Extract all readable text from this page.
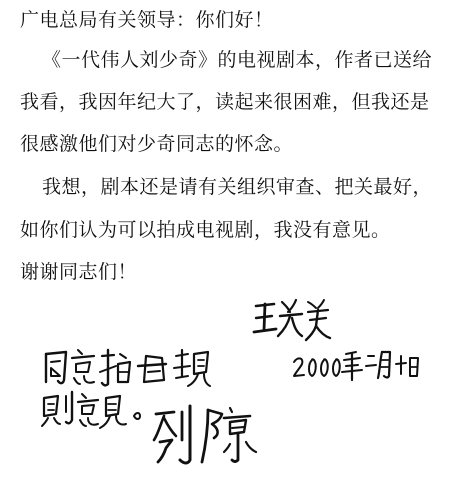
广电总局有关领导：你们好！
《一代伟人刘少奇》的电视剧本，作者已送给
我看，我因年纪大了，读起来很困难，但我还是
很感激他们对少奇同志的怀念。
我想，剧本还是请有关组织审查、把关最好，
如你们认为可以拍成电视剧，我没有意见。
谢谢同志们！
